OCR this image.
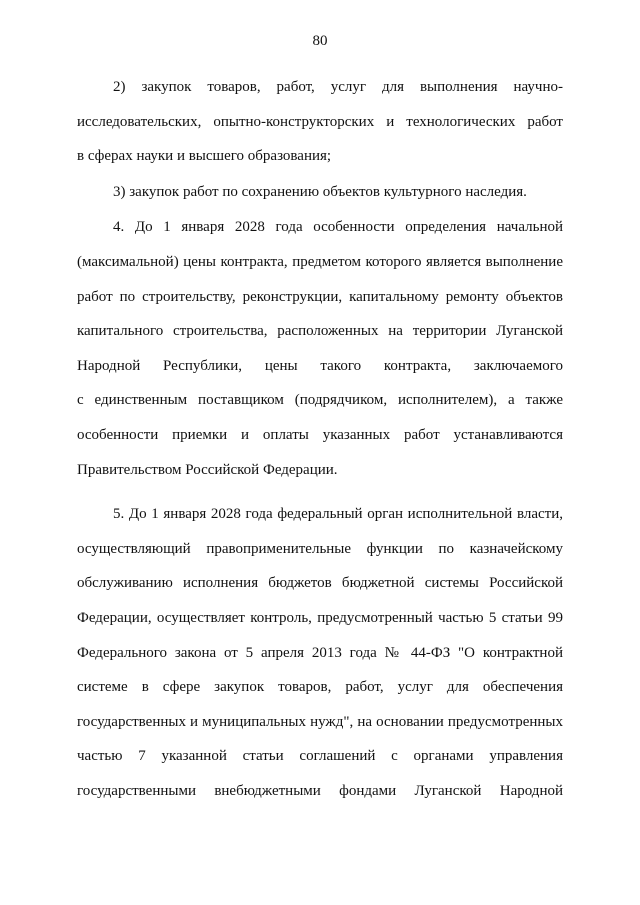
80
2) закупок товаров, работ, услуг для выполнения научно-
исследовательских, опытно-конструкторских и технологических работ
в сферах науки и высшего образования;
3) закупок работ по сохранению объектов культурного наследия.
4. До 1 января 2028 года особенности определения начальной
(максимальной) цены контракта, предметом которого является выполнение
работ по строительству, реконструкции, капитальному ремонту объектов
капитального строительства, расположенных на территории Луганской
Народной Республики, цены такого контракта, заключаемого
с единственным поставщиком (подрядчиком, исполнителем), а также
особенности приемки и оплаты указанных работ устанавливаются
Правительством Российской Федерации.
5. До 1 января 2028 года федеральный орган исполнительной власти,
осуществляющий правоприменительные функции по казначейскому
обслуживанию исполнения бюджетов бюджетной системы Российской
Федерации, осуществляет контроль, предусмотренный частью 5 статьи 99
Федерального закона от 5 апреля 2013 года № 44-ФЗ "О контрактной
системе в сфере закупок товаров, работ, услуг для обеспечения
государственных и муниципальных нужд", на основании предусмотренных
частью 7 указанной статьи соглашений с органами управления
государственными внебюджетными фондами Луганской Народной
